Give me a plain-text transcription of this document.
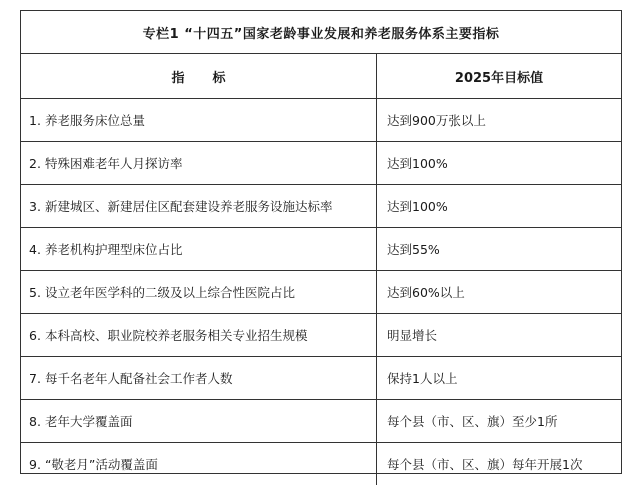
专栏1 “十四五”国家老龄事业发展和养老服务体系主要指标
指标	2025年目标值
1. 养老服务床位总量	达到900万张以上
2. 特殊困难老年人月探访率	达到100%
3. 新建城区、新建居住区配套建设养老服务设施达标率	达到100%
4. 养老机构护理型床位占比	达到55%
5. 设立老年医学科的二级及以上综合性医院占比	达到60%以上
6. 本科高校、职业院校养老服务相关专业招生规模	明显增长
7. 每千名老年人配备社会工作者人数	保持1人以上
8. 老年大学覆盖面	每个县（市、区、旗）至少1所
9. “敬老月”活动覆盖面	每个县（市、区、旗）每年开展1次
